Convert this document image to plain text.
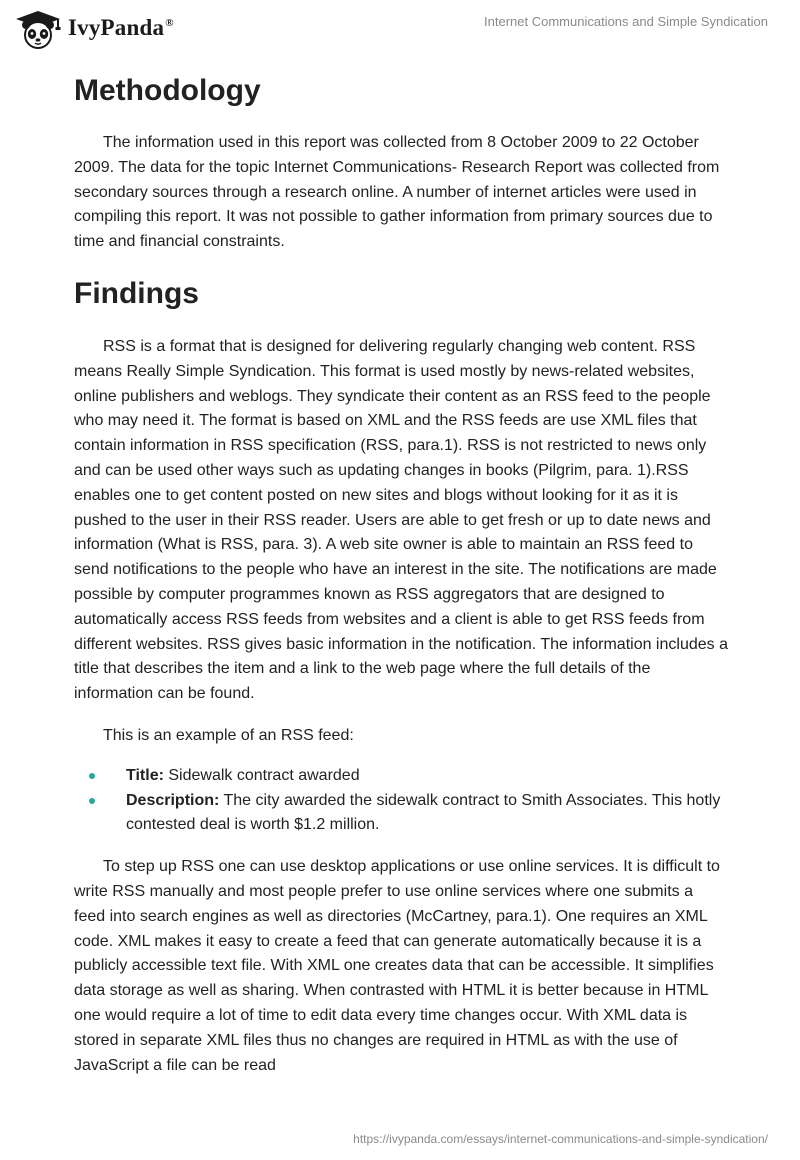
IvyPanda®	Internet Communications and Simple Syndication
Methodology

The information used in this report was collected from 8 October 2009 to 22 October 2009. The data for the topic Internet Communications- Research Report was collected from secondary sources through a research online. A number of internet articles were used in compiling this report. It was not possible to gather information from primary sources due to time and financial constraints.

Findings

RSS is a format that is designed for delivering regularly changing web content. RSS means Really Simple Syndication. This format is used mostly by news-related websites, online publishers and weblogs. They syndicate their content as an RSS feed to the people who may need it. The format is based on XML and the RSS feeds are use XML files that contain information in RSS specification (RSS, para.1). RSS is not restricted to news only and can be used other ways such as updating changes in books (Pilgrim, para. 1).RSS enables one to get content posted on new sites and blogs without looking for it as it is pushed to the user in their RSS reader. Users are able to get fresh or up to date news and information (What is RSS, para. 3). A web site owner is able to maintain an RSS feed to send notifications to the people who have an interest in the site. The notifications are made possible by computer programmes known as RSS aggregators that are designed to automatically access RSS feeds from websites and a client is able to get RSS feeds from different websites. RSS gives basic information in the notification. The information includes a title that describes the item and a link to the web page where the full details of the information can be found.

This is an example of an RSS feed:

Title: Sidewalk contract awarded
Description: The city awarded the sidewalk contract to Smith Associates. This hotly contested deal is worth $1.2 million.

To step up RSS one can use desktop applications or use online services. It is difficult to write RSS manually and most people prefer to use online services where one submits a feed into search engines as well as directories (McCartney, para.1). One requires an XML code. XML makes it easy to create a feed that can generate automatically because it is a publicly accessible text file. With XML one creates data that can be accessible. It simplifies data storage as well as sharing. When contrasted with HTML it is better because in HTML one would require a lot of time to edit data every time changes occur. With XML data is stored in separate XML files thus no changes are required in HTML as with the use of JavaScript a file can be read

https://ivypanda.com/essays/internet-communications-and-simple-syndication/
